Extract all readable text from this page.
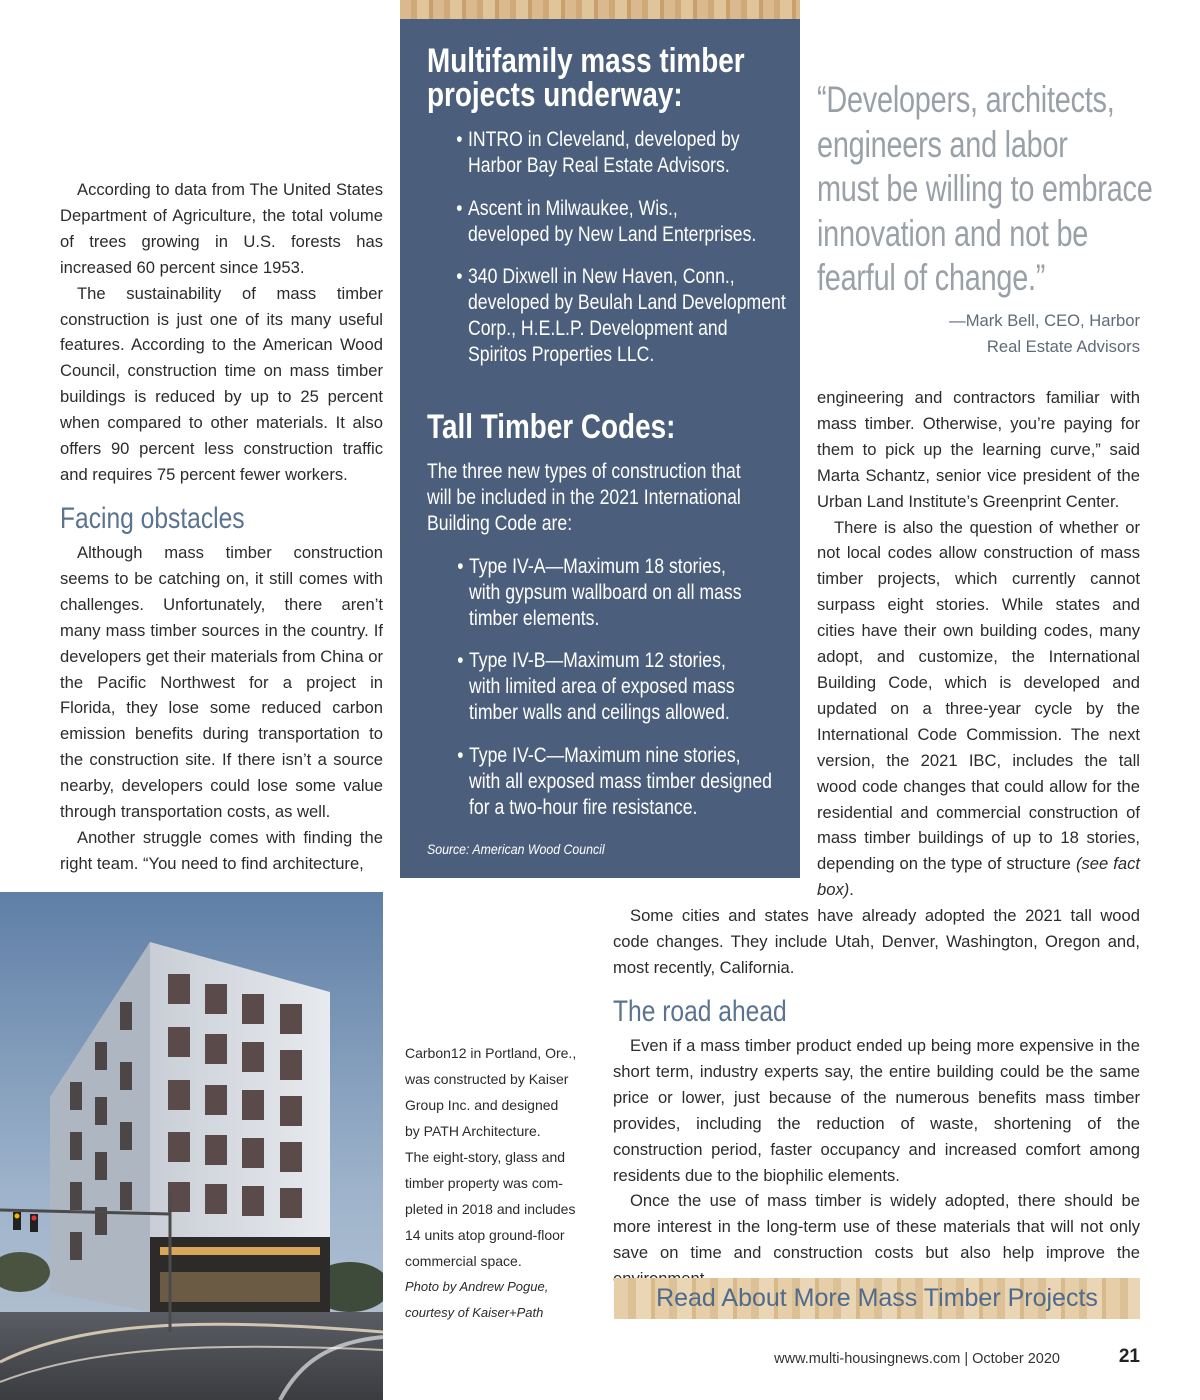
According to data from The United States Department of Agriculture, the total volume of trees growing in U.S. forests has increased 60 percent since 1953.

The sustainability of mass timber construction is just one of its many useful features. According to the American Wood Council, construction time on mass timber buildings is reduced by up to 25 percent when compared to other materials. It also offers 90 percent less construction traffic and requires 75 percent fewer workers.

Facing obstacles

Although mass timber construction seems to be catching on, it still comes with challenges. Unfortunately, there aren’t many mass timber sources in the country. If developers get their materials from China or the Pacific Northwest for a project in Florida, they lose some reduced carbon emission benefits during transportation to the construction site. If there isn’t a source nearby, developers could lose some value through transportation costs, as well.

Another struggle comes with finding the right team. “You need to find architecture,

Multifamily mass timber
projects underway:
• INTRO in Cleveland, developed by
Harbor Bay Real Estate Advisors.
• Ascent in Milwaukee, Wis.,
developed by New Land Enterprises.
• 340 Dixwell in New Haven, Conn.,
developed by Beulah Land Development
Corp., H.E.L.P. Development and
Spiritos Properties LLC.
Tall Timber Codes:
The three new types of construction that
will be included in the 2021 International
Building Code are:
• Type IV-A—Maximum 18 stories,
with gypsum wallboard on all mass
timber elements.
• Type IV-B—Maximum 12 stories,
with limited area of exposed mass
timber walls and ceilings allowed.
• Type IV-C—Maximum nine stories,
with all exposed mass timber designed
for a two-hour fire resistance.
Source: American Wood Council
“Developers, architects,
engineers and labor
must be willing to embrace
innovation and not be
fearful of change.”
—Mark Bell, CEO, Harbor
Real Estate Advisors

engineering and contractors familiar with mass timber. Otherwise, you’re paying for them to pick up the learning curve,” said Marta Schantz, senior vice president of the Urban Land Institute’s Greenprint Center.

There is also the question of whether or not local codes allow construction of mass timber projects, which currently cannot surpass eight stories. While states and cities have their own building codes, many adopt, and customize, the International Building Code, which is developed and updated on a three-year cycle by the International Code Commission. The next version, the 2021 IBC, includes the tall wood code changes that could allow for the residential and commercial construction of mass timber buildings of up to 18 stories, depending on the type of structure (see fact box).

Some cities and states have already adopted the 2021 tall wood code changes. They include Utah, Denver, Washington, Oregon and, most recently, California.

The road ahead

Even if a mass timber product ended up being more expensive in the short term, industry experts say, the entire building could be the same price or lower, just because of the numerous benefits mass timber provides, including the reduction of waste, shortening of the construction period, faster occupancy and increased comfort among residents due to the biophilic elements.

Once the use of mass timber is widely adopted, there should be more interest in the long-term use of these materials that will not only save on time and construction costs but also help improve the

Carbon12 in Portland, Ore.,
was constructed by Kaiser
Group Inc. and designed
by PATH Architecture.
The eight-story, glass and
timber property was com-
pleted in 2018 and includes
14 units atop ground-floor
commercial space.
Photo by Andrew Pogue,
courtesy of Kaiser+Path
Read About More Mass Timber Projects
www.multi-housingnews.com | October 2020	21
